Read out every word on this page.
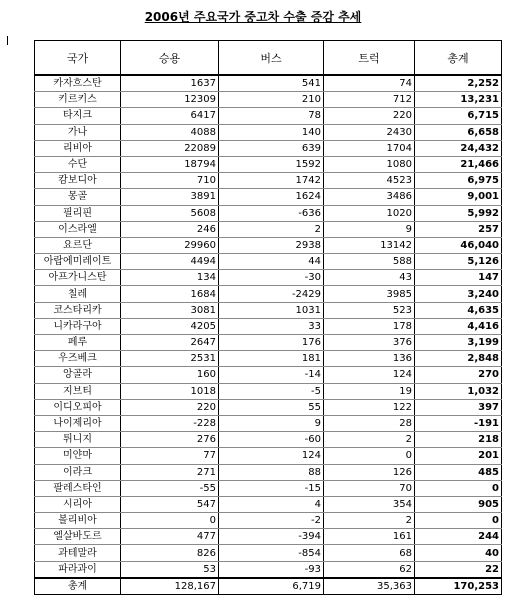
2006년 주요국가 중고차 수출 증감 추세
국가	승용	버스	트럭	총계
카자흐스탄	1637	541	74	2,252
키르키스	12309	210	712	13,231
타지크	6417	78	220	6,715
가나	4088	140	2430	6,658
리비아	22089	639	1704	24,432
수단	18794	1592	1080	21,466
캄보디아	710	1742	4523	6,975
몽골	3891	1624	3486	9,001
필리핀	5608	-636	1020	5,992
이스라엘	246	2	9	257
요르단	29960	2938	13142	46,040
아랍에미레이트	4494	44	588	5,126
아프가니스탄	134	-30	43	147
칠레	1684	-2429	3985	3,240
코스타리카	3081	1031	523	4,635
니카라구아	4205	33	178	4,416
페루	2647	176	376	3,199
우즈베크	2531	181	136	2,848
앙골라	160	-14	124	270
지브티	1018	-5	19	1,032
이디오피아	220	55	122	397
나이제리아	-228	9	28	-191
튀니지	276	-60	2	218
미얀마	77	124	0	201
이라크	271	88	126	485
팔레스타인	-55	-15	70	0
시리아	547	4	354	905
볼리비아	0	-2	2	0
엘살바도르	477	-394	161	244
과테말라	826	-854	68	40
파라과이	53	-93	62	22
총계	128,167	6,719	35,363	170,253
